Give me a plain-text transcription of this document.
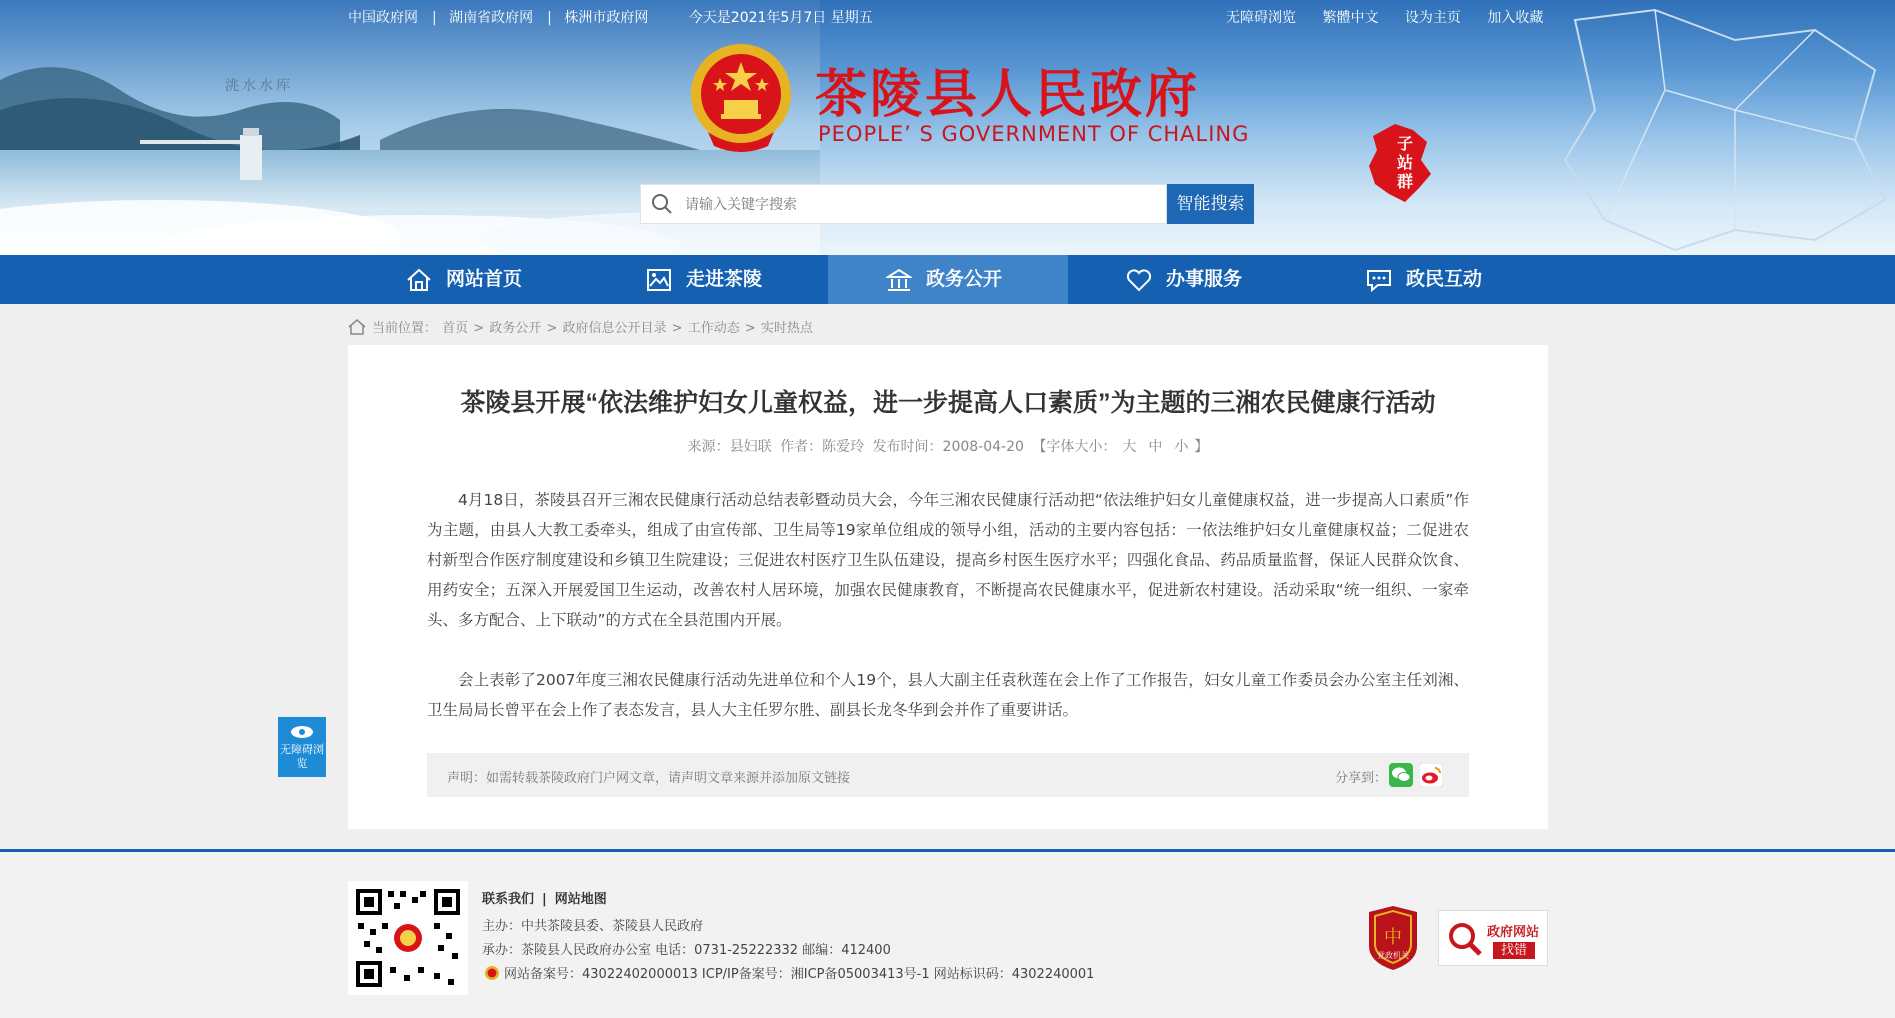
洮水水库
中国政府网 | 湖南省政府网 | 株洲市政府网	今天是2021年5月7日 星期五	无障碍浏览 繁體中文 设为主页 加入收藏
茶陵县人民政府
PEOPLE’ S GOVERNMENT OF CHALING	子站群
请输入关键字搜索
智能搜索
网站首页	走进茶陵	政务公开	办事服务	政民互动
当前位置： 首页 > 政务公开 > 政府信息公开目录 > 工作动态 > 实时热点
茶陵县开展“依法维护妇女儿童权益，进一步提高人口素质”为主题的三湘农民健康行活动
来源：县妇联 作者：陈爱玲 发布时间：2008-04-20 【字体大小： 大 中 小 】

4月18日，茶陵县召开三湘农民健康行活动总结表彰暨动员大会，今年三湘农民健康行活动把“依法维护妇女儿童健康权益，进一步提高人口素质”作为主题，由县人大教工委牵头，组成了由宣传部、卫生局等19家单位组成的领导小组，活动的主要内容包括：一依法维护妇女儿童健康权益；二促进农村新型合作医疗制度建设和乡镇卫生院建设；三促进农村医疗卫生队伍建设，提高乡村医生医疗水平；四强化食品、药品质量监督，保证人民群众饮食、用药安全；五深入开展爱国卫生运动，改善农村人居环境，加强农民健康教育，不断提高农民健康水平，促进新农村建设。活动采取“统一组织、一家牵头、多方配合、上下联动”的方式在全县范围内开展。

会上表彰了2007年度三湘农民健康行活动先进单位和个人19个，县人大副主任袁秋莲在会上作了工作报告，妇女儿童工作委员会办公室主任刘湘、卫生局局长曾平在会上作了表态发言，县人大主任罗尔胜、副县长龙冬华到会并作了重要讲话。

声明：如需转载茶陵政府门户网文章，请声明文章来源并添加原文链接	分享到：
无障碍浏览
联系我们 | 网站地图
主办：中共茶陵县委、茶陵县人民政府
承办：茶陵县人民政府办公室 电话：0731-25222332 邮编：412400
网站备案号：43022402000013 ICP/IP备案号：湘ICP备05003413号-1 网站标识码：4302240001
中
党政机关
政府网站
找错
